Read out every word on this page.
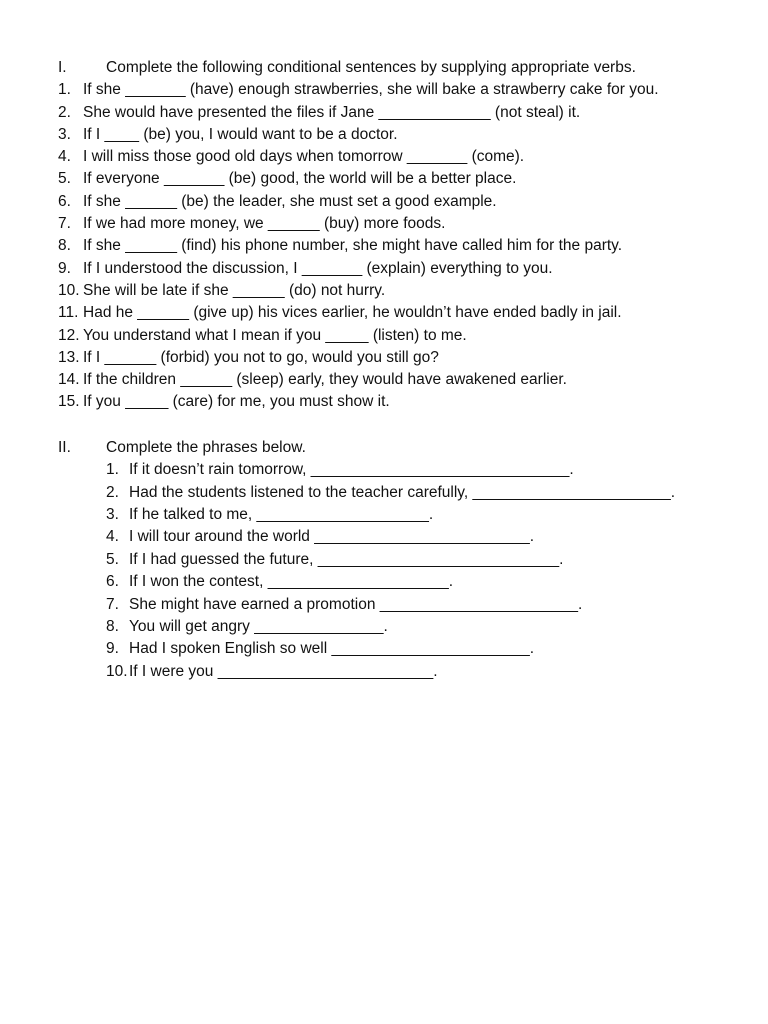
I.	Complete the following conditional sentences by supplying appropriate verbs.
1. If she _______ (have) enough strawberries, she will bake a strawberry cake for you.
2. She would have presented the files if Jane _____________ (not steal) it.
3. If I ____ (be) you, I would want to be a doctor.
4. I will miss those good old days when tomorrow _______ (come).
5. If everyone _______ (be) good, the world will be a better place.
6. If she ______ (be) the leader, she must set a good example.
7. If we had more money, we ______ (buy) more foods.
8. If she ______ (find) his phone number, she might have called him for the party.
9. If I understood the discussion, I _______ (explain) everything to you.
10. She will be late if she ______ (do) not hurry.
11. Had he ______ (give up) his vices earlier, he wouldn’t have ended badly in jail.
12. You understand what I mean if you _____ (listen) to me.
13. If I ______ (forbid) you not to go, would you still go?
14. If the children ______ (sleep) early, they would have awakened earlier.
15. If you _____ (care) for me, you must show it.
II.	Complete the phrases below.
1. If it doesn’t rain tomorrow, ______________________________.
2. Had the students listened to the teacher carefully, _______________________.
3. If he talked to me, ____________________.
4. I will tour around the world _________________________.
5. If I had guessed the future, ____________________________.
6. If I won the contest, _____________________.
7. She might have earned a promotion _______________________.
8. You will get angry _______________.
9. Had I spoken English so well _______________________.
10. If I were you _________________________.
